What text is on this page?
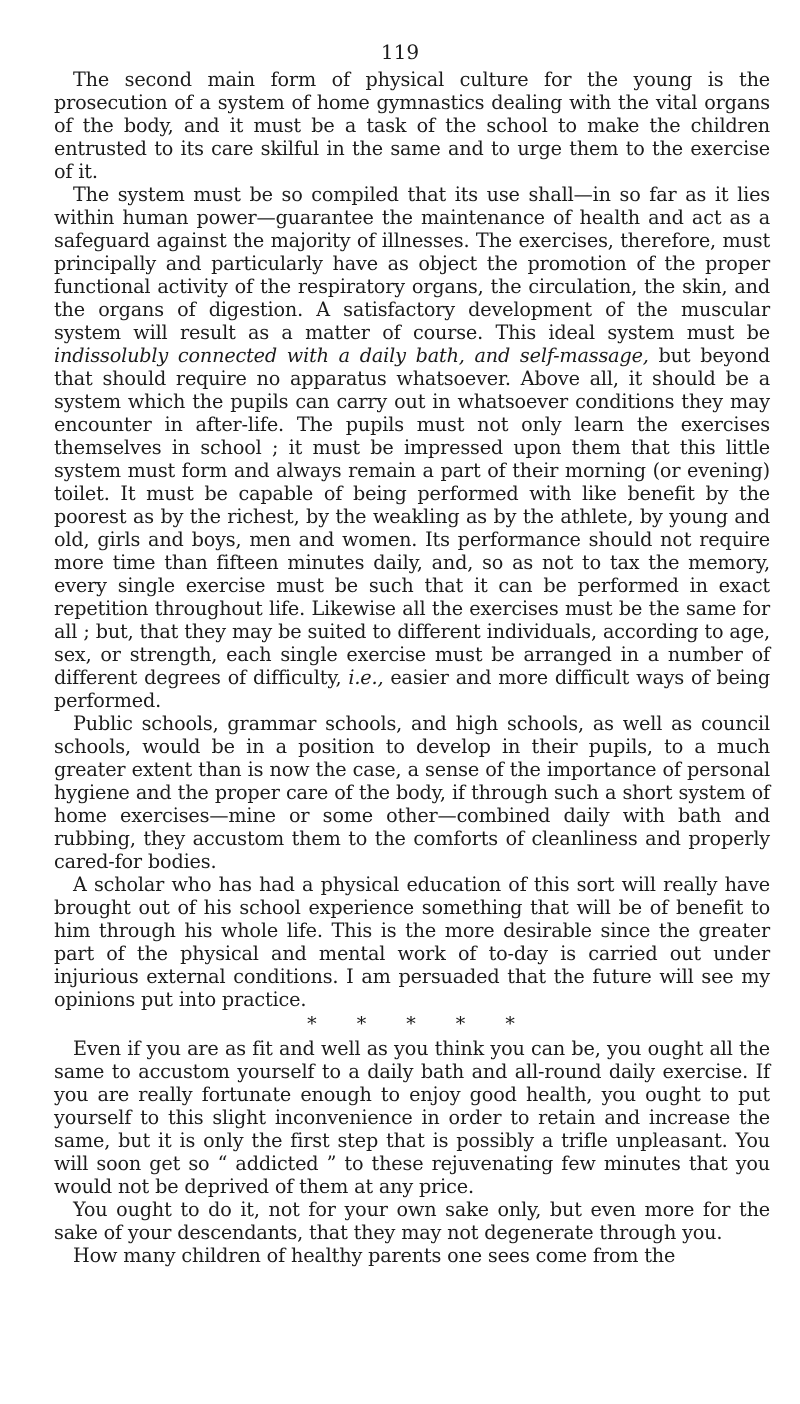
119

The second main form of physical culture for the young is the prosecution of a system of home gymnastics dealing with the vital organs of the body, and it must be a task of the school to make the children entrusted to its care skilful in the same and to urge them to the exercise of it.

The system must be so compiled that its use shall—in so far as it lies within human power—guarantee the maintenance of health and act as a safeguard against the majority of illnesses. The exercises, therefore, must principally and particularly have as object the promotion of the proper functional activity of the respiratory organs, the circulation, the skin, and the organs of digestion. A satisfactory development of the muscular system will result as a matter of course. This ideal system must be indissolubly connected with a daily bath, and self-massage, but beyond that should require no apparatus whatsoever. Above all, it should be a system which the pupils can carry out in whatsoever conditions they may encounter in after-life. The pupils must not only learn the exercises themselves in school ; it must be impressed upon them that this little system must form and always remain a part of their morning (or evening) toilet. It must be capable of being performed with like benefit by the poorest as by the richest, by the weakling as by the athlete, by young and old, girls and boys, men and women. Its performance should not require more time than fifteen minutes daily, and, so as not to tax the memory, every single exercise must be such that it can be performed in exact repetition throughout life. Likewise all the exercises must be the same for all ; but, that they may be suited to different individuals, according to age, sex, or strength, each single exercise must be arranged in a number of different degrees of difficulty, i.e., easier and more difficult ways of being performed.

Public schools, grammar schools, and high schools, as well as council schools, would be in a position to develop in their pupils, to a much greater extent than is now the case, a sense of the importance of personal hygiene and the proper care of the body, if through such a short system of home exercises—mine or some other—combined daily with bath and rubbing, they accustom them to the comforts of cleanliness and properly cared-for bodies.

A scholar who has had a physical education of this sort will really have brought out of his school experience something that will be of benefit to him through his whole life. This is the more desirable since the greater part of the physical and mental work of to-day is carried out under injurious external conditions. I am persuaded that the future will see my opinions put into practice.

* * * * *

Even if you are as fit and well as you think you can be, you ought all the same to accustom yourself to a daily bath and all-round daily exercise. If you are really fortunate enough to enjoy good health, you ought to put yourself to this slight inconvenience in order to retain and increase the same, but it is only the first step that is possibly a trifle unpleasant. You will soon get so “ addicted ” to these rejuvenating few minutes that you would not be deprived of them at any price.

You ought to do it, not for your own sake only, but even more for the sake of your descendants, that they may not degenerate through you.

How many children of healthy parents one sees come from the
